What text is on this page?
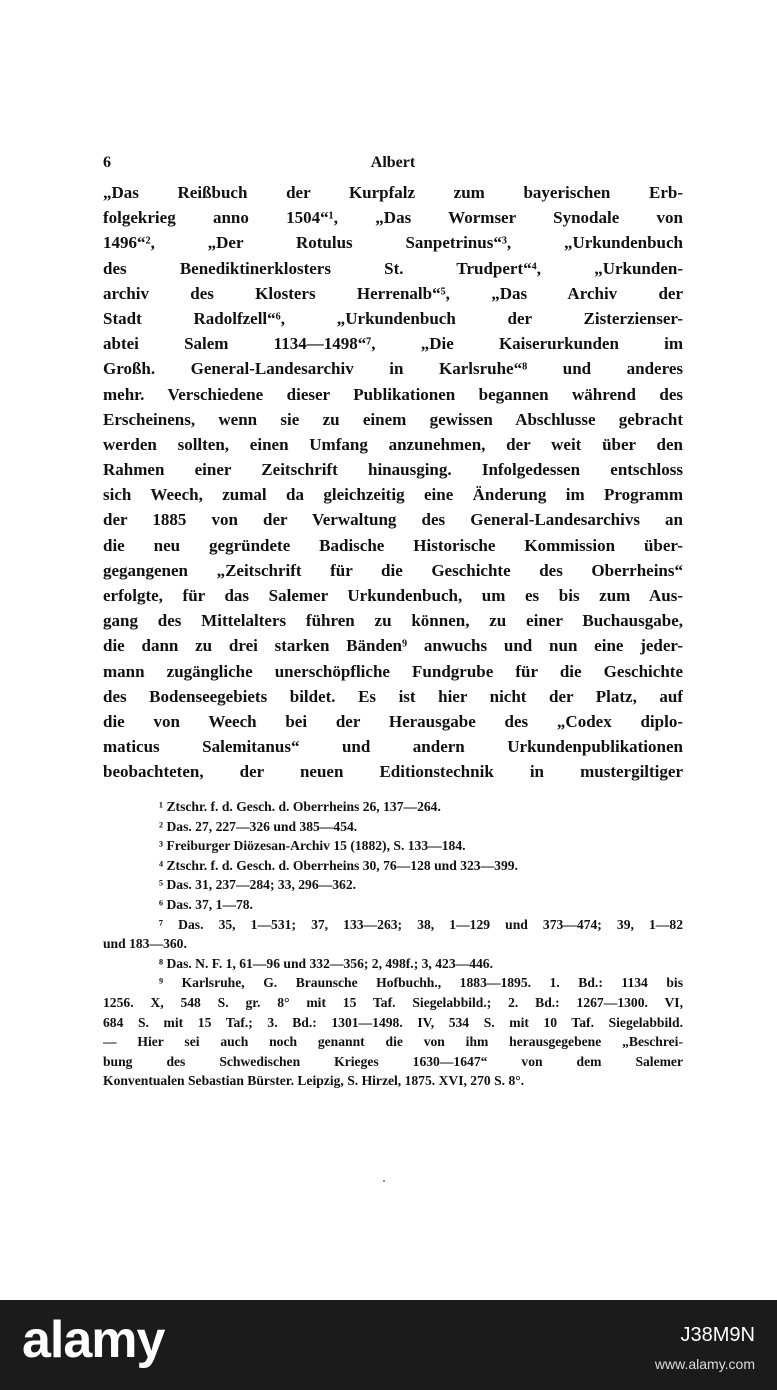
6	Albert
„Das Reißbuch der Kurpfalz zum bayerischen Erb-
folgekrieg anno 1504“¹, „Das Wormser Synodale von
1496“², „Der Rotulus Sanpetrinus“³, „Urkundenbuch
des Benediktinerklosters St. Trudpert“⁴, „Urkunden-
archiv des Klosters Herrenalb“⁵, „Das Archiv der
Stadt Radolfzell“⁶, „Urkundenbuch der Zisterzienser-
abtei Salem 1134—1498“⁷, „Die Kaiserurkunden im
Großh. General-Landesarchiv in Karlsruhe“⁸ und anderes
mehr. Verschiedene dieser Publikationen begannen während des
Erscheinens, wenn sie zu einem gewissen Abschlusse gebracht
werden sollten, einen Umfang anzunehmen, der weit über den
Rahmen einer Zeitschrift hinausging. Infolgedessen entschloss
sich Weech, zumal da gleichzeitig eine Änderung im Programm
der 1885 von der Verwaltung des General-Landesarchivs an
die neu gegründete Badische Historische Kommission über-
gegangenen „Zeitschrift für die Geschichte des Oberrheins“
erfolgte, für das Salemer Urkundenbuch, um es bis zum Aus-
gang des Mittelalters führen zu können, zu einer Buchausgabe,
die dann zu drei starken Bänden⁹ anwuchs und nun eine jeder-
mann zugängliche unerschöpfliche Fundgrube für die Geschichte
des Bodenseegebiets bildet. Es ist hier nicht der Platz, auf
die von Weech bei der Herausgabe des „Codex diplo-
maticus Salemitanus“ und andern Urkundenpublikationen
beobachteten, der neuen Editionstechnik in mustergiltiger
¹ Ztschr. f. d. Gesch. d. Oberrheins 26, 137—264.
² Das. 27, 227—326 und 385—454.
³ Freiburger Diözesan-Archiv 15 (1882), S. 133—184.
⁴ Ztschr. f. d. Gesch. d. Oberrheins 30, 76—128 und 323—399.
⁵ Das. 31, 237—284; 33, 296—362.
⁶ Das. 37, 1—78.
⁷ Das. 35, 1—531; 37, 133—263; 38, 1—129 und 373—474; 39, 1—82
und 183—360.
⁸ Das. N. F. 1, 61—96 und 332—356; 2, 498f.; 3, 423—446.
⁹ Karlsruhe, G. Braunsche Hofbuchh., 1883—1895. 1. Bd.: 1134 bis
1256. X, 548 S. gr. 8° mit 15 Taf. Siegelabbild.; 2. Bd.: 1267—1300. VI,
684 S. mit 15 Taf.; 3. Bd.: 1301—1498. IV, 534 S. mit 10 Taf. Siegelabbild.
— Hier sei auch noch genannt die von ihm herausgegebene „Beschrei-
bung des Schwedischen Krieges 1630—1647“ von dem Salemer
Konventualen Sebastian Bürster. Leipzig, S. Hirzel, 1875. XVI, 270 S. 8°.
alamy	J38M9N
www.alamy.com
